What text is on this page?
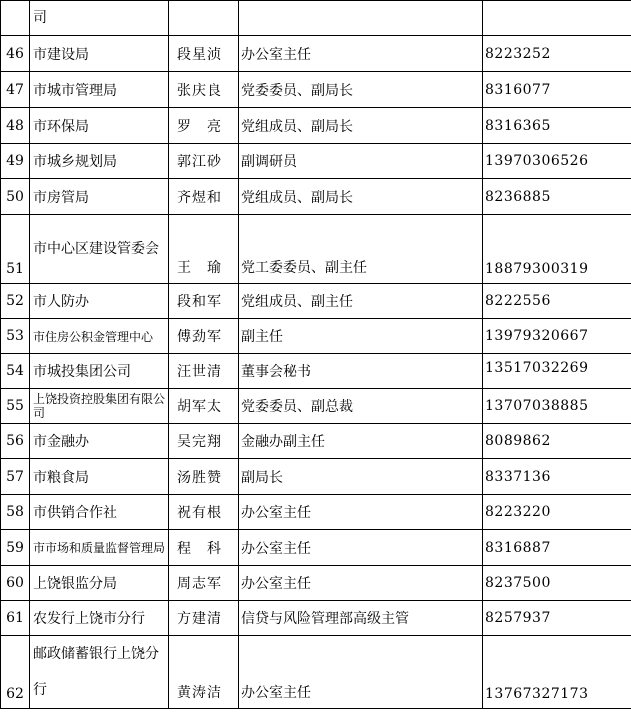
	司			
46	市建设局	段星浈	办公室主任	8223252
47	市城市管理局	张庆良	党委委员、副局长	8316077
48	市环保局	罗　亮	党组成员、副局长	8316365
49	市城乡规划局	郭江砂	副调研员	13970306526
50	市房管局	齐煜和	党组成员、副局长	8236885
51	市中心区建设管委会	王　瑜	党工委委员、副主任	18879300319
52	市人防办	段和军	党组成员、副主任	8222556
53	市住房公积金管理中心	傅劲军	副主任	13979320667
54	市城投集团公司	汪世清	董事会秘书	13517032269
55	上饶投资控股集团有限公司	胡军太	党委委员、副总裁	13707038885
56	市金融办	吴完翔	金融办副主任	8089862
57	市粮食局	汤胜赞	副局长	8337136
58	市供销合作社	祝有根	办公室主任	8223220
59	市市场和质量监督管理局	程　科	办公室主任	8316887
60	上饶银监分局	周志军	办公室主任	8237500
61	农发行上饶市分行	方建清	信贷与风险管理部高级主管	8257937
62	邮政储蓄银行上饶分行	黄涛洁	办公室主任	13767327173
